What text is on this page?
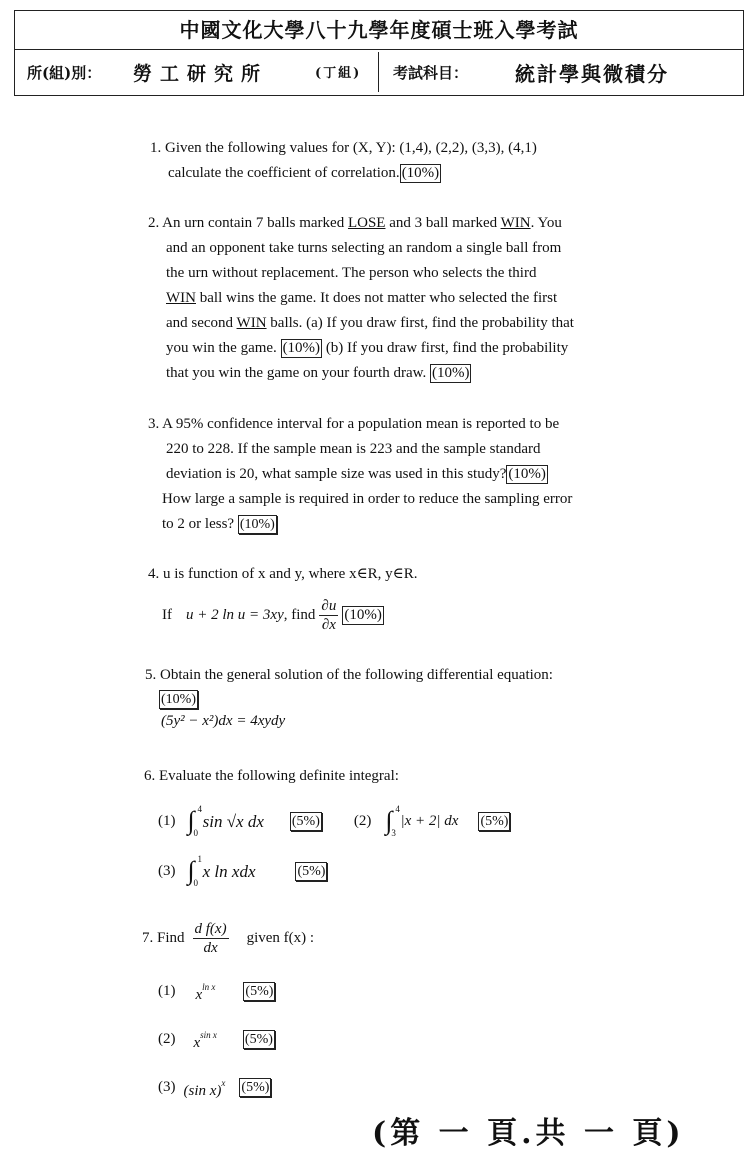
中國文化大學八十九學年度碩士班入學考試
所(組)別： 勞工研究所	(丁組) 考試科目： 統計學與微積分
1. Given the following values for (X, Y): (1,4), (2,2), (3,3), (4,1)
calculate the coefficient of correlation. (10%)
2. An urn contain 7 balls marked LOSE and 3 ball marked WIN. You
and an opponent take turns selecting an random a single ball from
the urn without replacement. The person who selects the third
WIN ball wins the game. It does not matter who selected the first
and second WIN balls. (a) If you draw first, find the probability that
you win the game. (10%) (b) If you draw first, find the probability
that you win the game on your fourth draw. (10%)
3. A 95% confidence interval for a population mean is reported to be
220 to 228. If the sample mean is 223 and the sample standard
deviation is 20, what sample size was used in this study? (10%)
How large a sample is required in order to reduce the sampling error
to 2 or less? (10%)
4. u is function of x and y, where x∈R, y∈R.
If u + 2 ln u = 3xy , find $\frac{\partial u}{\partial x} (10\%)$
5. Obtain the general solution of the following differential equation:
(10%)
(5y² − x²)dx = 4xydy
6. Evaluate the following definite integral:
(1) ∫ 4
0
sin √x dx (5%) (2) ∫ 4
3
|x + 2| dx (5%)
(3) ∫ 1
0
x ln xdx	(5%)
7. Find $\frac{\text{d f(x)}}{dx}$ given f(x) :
(1) $x^{ln x}$ (5%)
(2) $x^{sin x}$ (5%)
(3) (sin x)$^x$ (5%)
(第 一 頁.共 一 頁)
